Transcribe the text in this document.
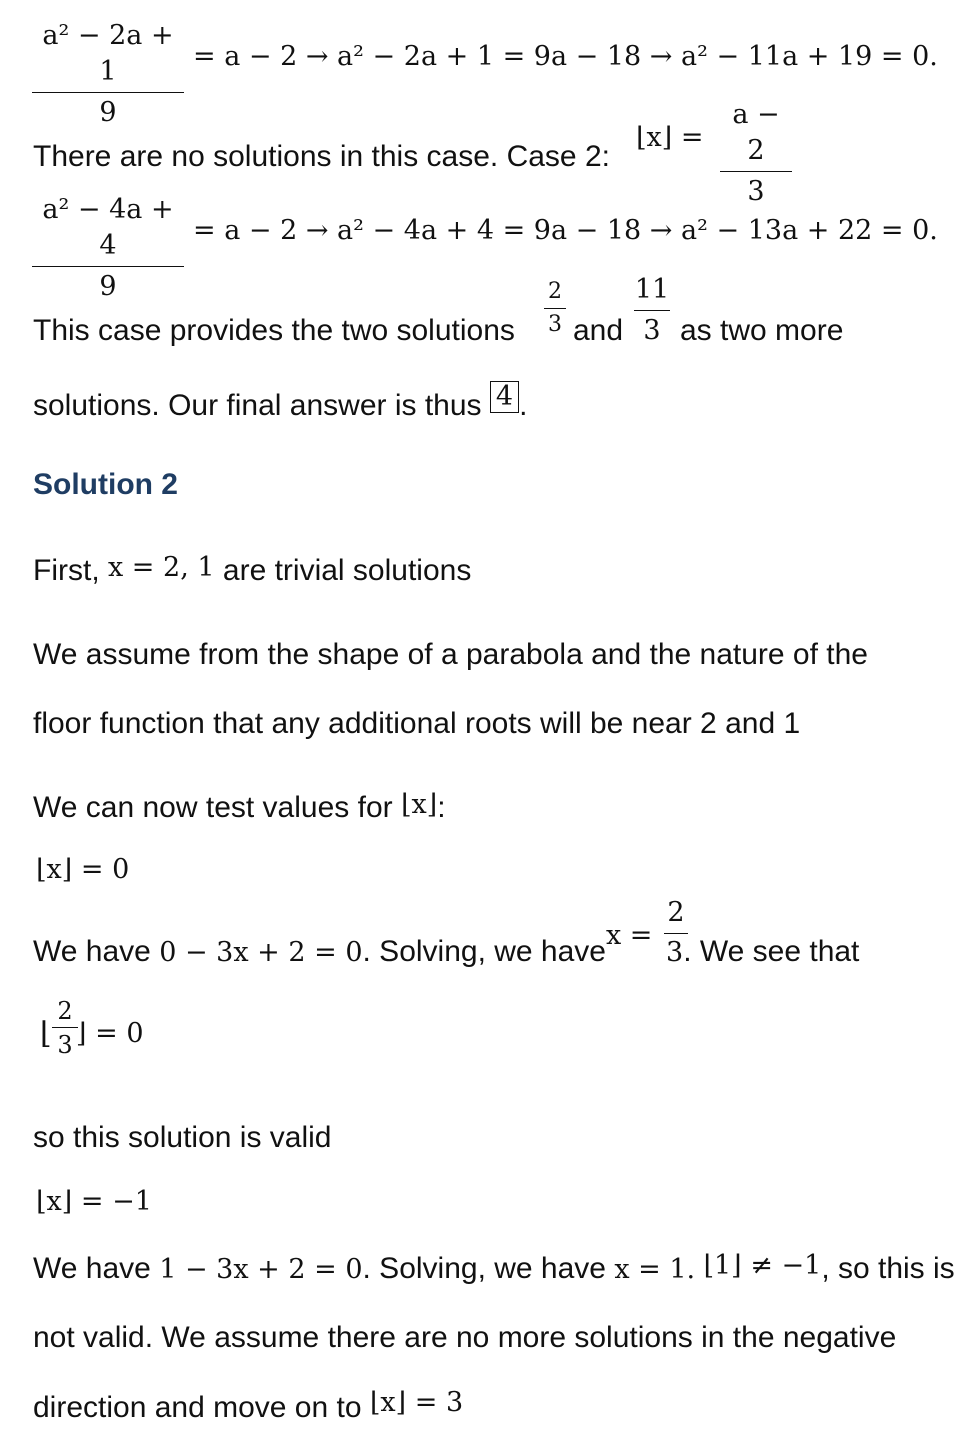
a² − 2a + 1
9
= a − 2 → a² − 2a + 1 = 9a − 18 → a² − 11a + 19 = 0.
There are no solutions in this case. Case 2:
⌊x⌋ =
a − 2
3
a² − 4a + 4
9
= a − 2 → a² − 4a + 4 = 9a − 18 → a² − 13a + 22 = 0.
This case provides the two solutions
2
3 and
11
3 as two more
solutions. Our final answer is thus 4 .
Solution 2
First, x = 2, 1 are trivial solutions
We assume from the shape of a parabola and the nature of the
floor function that any additional roots will be near 2 and 1
We can now test values for ⌊x⌋:
⌊x⌋ = 0
We have 0 − 3x + 2 = 0. Solving, we have x =
2
3. We see that
⌊
2
3 ⌋ = 0
so this solution is valid
⌊x⌋ = −1
We have 1 − 3x + 2 = 0. Solving, we have x = 1. ⌊1⌋ ≠ −1, so this is
not valid. We assume there are no more solutions in the negative
direction and move on to ⌊x⌋ = 3
